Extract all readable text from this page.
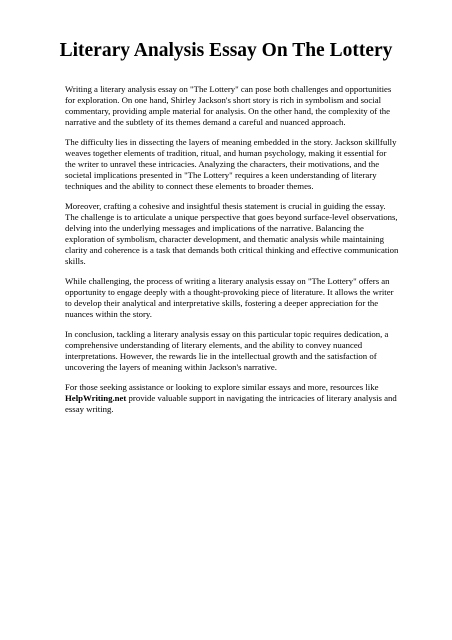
Literary Analysis Essay On The Lottery

Writing a literary analysis essay on "The Lottery" can pose both challenges and opportunities for exploration. On one hand, Shirley Jackson's short story is rich in symbolism and social commentary, providing ample material for analysis. On the other hand, the complexity of the narrative and the subtlety of its themes demand a careful and nuanced approach.

The difficulty lies in dissecting the layers of meaning embedded in the story. Jackson skillfully weaves together elements of tradition, ritual, and human psychology, making it essential for the writer to unravel these intricacies. Analyzing the characters, their motivations, and the societal implications presented in "The Lottery" requires a keen understanding of literary techniques and the ability to connect these elements to broader themes.

Moreover, crafting a cohesive and insightful thesis statement is crucial in guiding the essay. The challenge is to articulate a unique perspective that goes beyond surface-level observations, delving into the underlying messages and implications of the narrative. Balancing the exploration of symbolism, character development, and thematic analysis while maintaining clarity and coherence is a task that demands both critical thinking and effective communication skills.

While challenging, the process of writing a literary analysis essay on "The Lottery" offers an opportunity to engage deeply with a thought-provoking piece of literature. It allows the writer to develop their analytical and interpretative skills, fostering a deeper appreciation for the nuances within the story.

In conclusion, tackling a literary analysis essay on this particular topic requires dedication, a comprehensive understanding of literary elements, and the ability to convey nuanced interpretations. However, the rewards lie in the intellectual growth and the satisfaction of uncovering the layers of meaning within Jackson's narrative.

For those seeking assistance or looking to explore similar essays and more, resources like HelpWriting.net provide valuable support in navigating the intricacies of literary analysis and essay writing.
